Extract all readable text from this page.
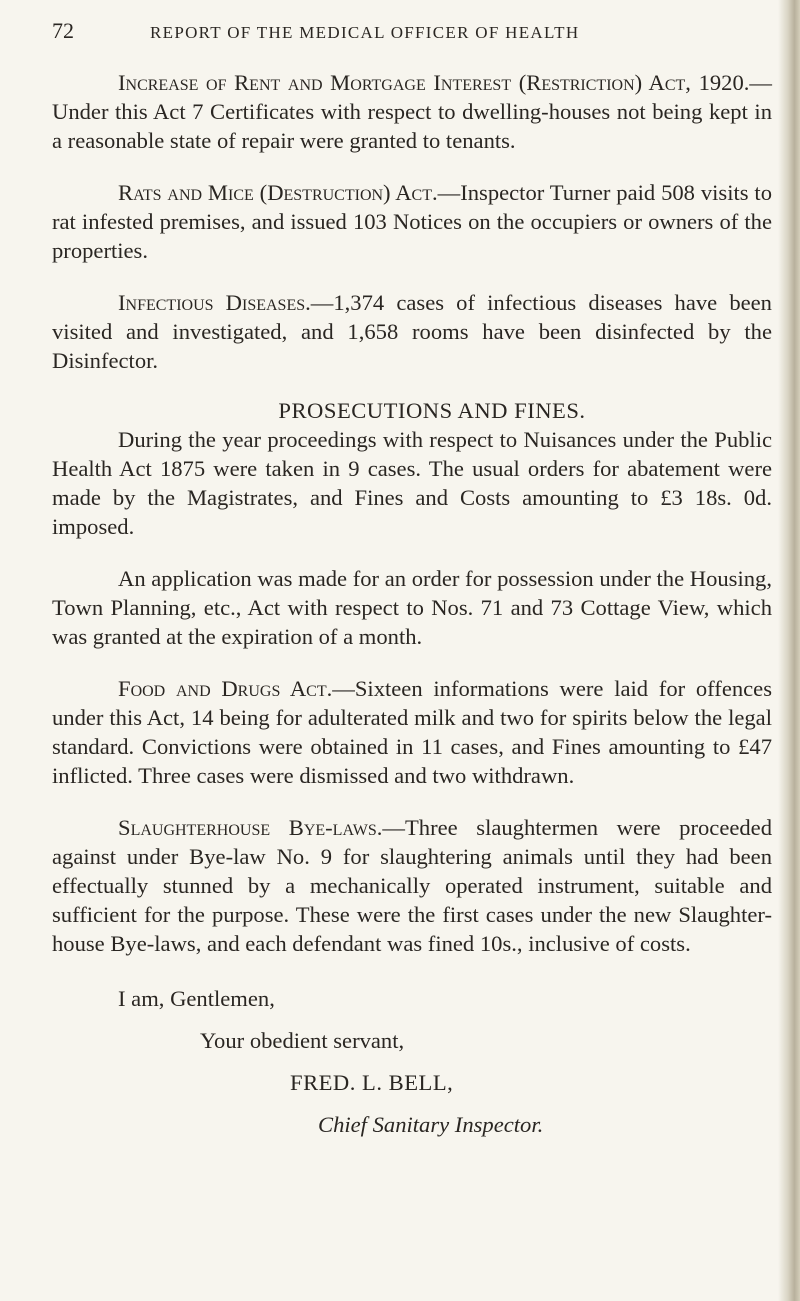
72	REPORT OF THE MEDICAL OFFICER OF HEALTH

Increase of Rent and Mortgage Interest (Restriction) Act, 1920.—Under this Act 7 Certificates with respect to dwelling-houses not being kept in a reasonable state of repair were granted to tenants.

Rats and Mice (Destruction) Act.—Inspector Turner paid 508 visits to rat infested premises, and issued 103 Notices on the occupiers or owners of the properties.

Infectious Diseases.—1,374 cases of infectious diseases have been visited and investigated, and 1,658 rooms have been disinfected by the Disinfector.

PROSECUTIONS AND FINES.

During the year proceedings with respect to Nuisances under the Public Health Act 1875 were taken in 9 cases. The usual orders for abatement were made by the Magistrates, and Fines and Costs amounting to £3 18s. 0d. imposed.

An application was made for an order for possession under the Housing, Town Planning, etc., Act with respect to Nos. 71 and 73 Cottage View, which was granted at the expiration of a month.

Food and Drugs Act.—Sixteen informations were laid for offences under this Act, 14 being for adulterated milk and two for spirits below the legal standard. Convictions were obtained in 11 cases, and Fines amounting to £47 inflicted. Three cases were dismissed and two withdrawn.

Slaughterhouse Bye-laws.—Three slaughtermen were proceeded against under Bye-law No. 9 for slaughtering animals until they had been effectually stunned by a mechanically operated instrument, suitable and sufficient for the purpose. These were the first cases under the new Slaughter-house Bye-laws, and each defendant was fined 10s., inclusive of costs.

I am, Gentlemen,
Your obedient servant,
FRED. L. BELL,
Chief Sanitary Inspector.
